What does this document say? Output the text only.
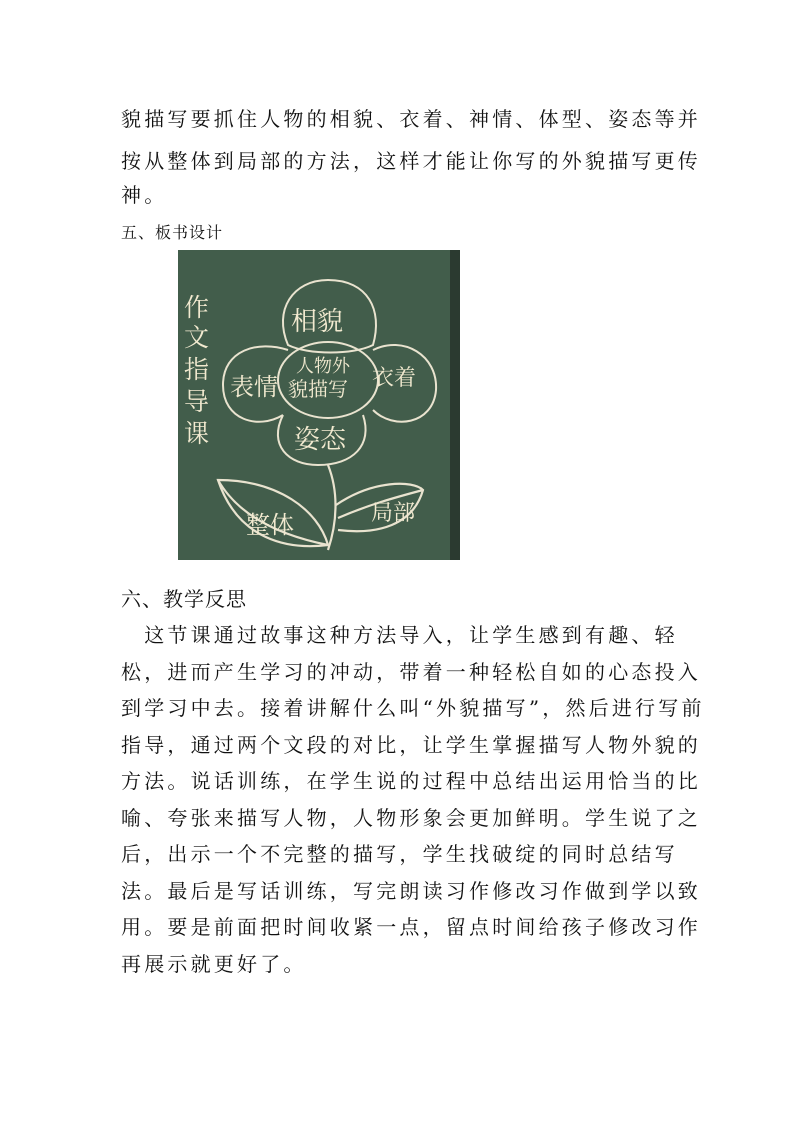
貌描写要抓住人物的相貌、衣着、神情、体型、姿态等并
按从整体到局部的方法，这样才能让你写的外貌描写更传
神。
五、板书设计
作
文
指
导
课
相貌
表情	衣着
姿态
人物外
貌描写
整体	局部
六、教学反思
　这节课通过故事这种方法导入，让学生感到有趣、轻
松，进而产生学习的冲动，带着一种轻松自如的心态投入
到学习中去。接着讲解什么叫“外貌描写”，然后进行写前
指导，通过两个文段的对比，让学生掌握描写人物外貌的
方法。说话训练，在学生说的过程中总结出运用恰当的比
喻、夸张来描写人物，人物形象会更加鲜明。学生说了之
后，出示一个不完整的描写，学生找破绽的同时总结写
法。最后是写话训练，写完朗读习作修改习作做到学以致
用。要是前面把时间收紧一点，留点时间给孩子修改习作
再展示就更好了。
